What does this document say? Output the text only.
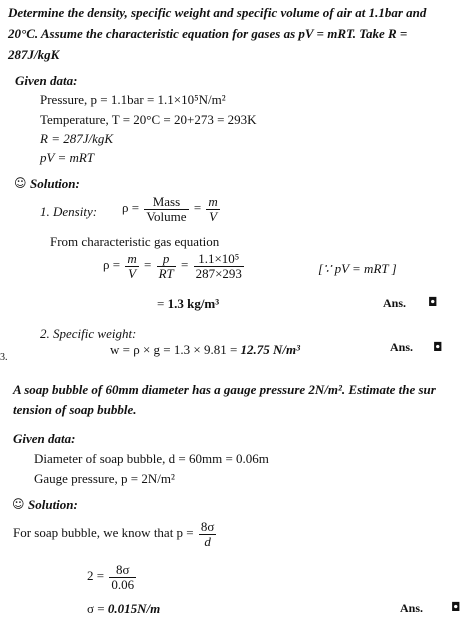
Determine the density, specific weight and specific volume of air at 1.1bar and
20°C. Assume the characteristic equation for gases as pV = mRT. Take R =
287J/kgK
Given data:
Pressure, p = 1.1bar = 1.1×10⁵N/m²
Temperature, T = 20°C = 20+273 = 293K
R = 287J/kgK
pV = mRT
☺ Solution:
1. Density: $\rho = \frac{\text{Mass}}{\text{Volume}} = \frac{m}{V}$
From characteristic gas equation
$\rho = \frac{m}{V} = \frac{p}{RT} = \frac{\text{1.1×10⁵}}{287\times 293}$	[∵ pV = mRT ]
= 1.3 kg/m³	Ans. ◘
2. Specific weight:
w = ρ × g = 1.3 × 9.81 = 12.75 N/m³	Ans. ◘
3.
A soap bubble of 60mm diameter has a gauge pressure 2N/m². Estimate the sur
tension of soap bubble.
Given data:
Diameter of soap bubble, d = 60mm = 0.06m
Gauge pressure, p = 2N/m²
☺ Solution:
For soap bubble, we know that $p = \frac{8\sigma}{d}$
$2 = \frac{8\sigma}{0.06}$
σ = 0.015N/m	Ans. ◘
